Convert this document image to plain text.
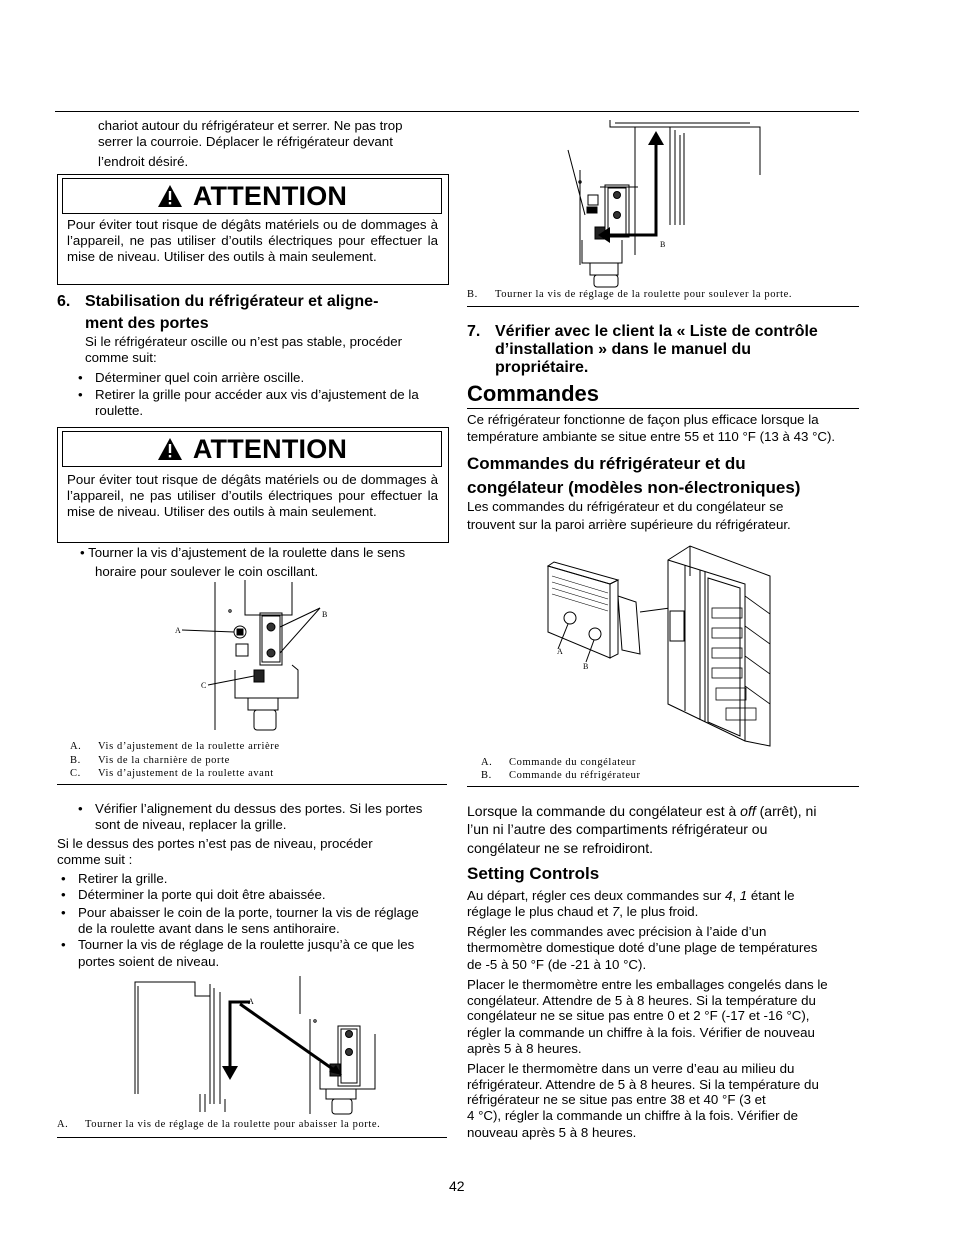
chariot autour du réfrigérateur et serrer. Ne pas trop
serrer la courroie. Déplacer le réfrigérateur devant
l’endroit désiré.
ATTENTION
Pour éviter tout risque de dégâts matériels ou de dommages à l’appareil, ne pas utiliser d’outils électriques pour effectuer la mise de niveau. Utiliser des outils à main seulement.
6. Stabilisation du réfrigérateur et aligne-
ment des portes
Si le réfrigérateur oscille ou n’est pas stable, procéder
comme suit:
• Déterminer quel coin arrière oscille.
• Retirer la grille pour accéder aux vis d’ajustement de la
roulette.
ATTENTION
Pour éviter tout risque de dégâts matériels ou de dommages à l’appareil, ne pas utiliser d’outils électriques pour effectuer la mise de niveau. Utiliser des outils à main seulement.
• Tourner la vis d’ajustement de la roulette dans le sens
horaire pour soulever le coin oscillant.
B
A
C
A. Vis d’ajustement de la roulette arrière
B. Vis de la charnière de porte
C. Vis d’ajustement de la roulette avant
• Vérifier l’alignement du dessus des portes. Si les portes
sont de niveau, replacer la grille.
Si le dessus des portes n’est pas de niveau, procéder
comme suit :
• Retirer la grille.
• Déterminer la porte qui doit être abaissée.
• Pour abaisser le coin de la porte, tourner la vis de réglage
de la roulette avant dans le sens antihoraire.
• Tourner la vis de réglage de la roulette jusqu’à ce que les
portes soient de niveau.
A
A. Tourner la vis de réglage de la roulette pour abaisser la porte.
B
B. Tourner la vis de réglage de la roulette pour soulever la porte.
7. Vérifier avec le client la « Liste de contrôle
d’installation » dans le manuel du
propriétaire.
Commandes
Ce réfrigérateur fonctionne de façon plus efficace lorsque la
température ambiante se situe entre 55 et 110 °F (13 à 43 °C).
Commandes du réfrigérateur et du
congélateur (modèles non-électroniques)
Les commandes du réfrigérateur et du congélateur se
trouvent sur la paroi arrière supérieure du réfrigérateur.
A
B
A. Commande du congélateur
B. Commande du réfrigérateur
Lorsque la commande du congélateur est à off (arrêt), ni
l’un ni l’autre des compartiments réfrigérateur ou
congélateur ne se refroidiront.
Setting Controls
Au départ, régler ces deux commandes sur 4, 1 étant le
réglage le plus chaud et 7, le plus froid.
Régler les commandes avec précision à l’aide d’un
thermomètre domestique doté d’une plage de températures
de -5 à 50 °F (de -21 à 10 °C).
Placer le thermomètre entre les emballages congelés dans le
congélateur. Attendre de 5 à 8 heures. Si la température du
congélateur ne se situe pas entre 0 et 2 °F (-17 et -16 °C),
régler la commande un chiffre à la fois. Vérifier de nouveau
après 5 à 8 heures.
Placer le thermomètre dans un verre d’eau au milieu du
réfrigérateur. Attendre de 5 à 8 heures. Si la température du
réfrigérateur ne se situe pas entre 38 et 40 °F (3 et
4 °C), régler la commande un chiffre à la fois. Vérifier de
nouveau après 5 à 8 heures.
42
